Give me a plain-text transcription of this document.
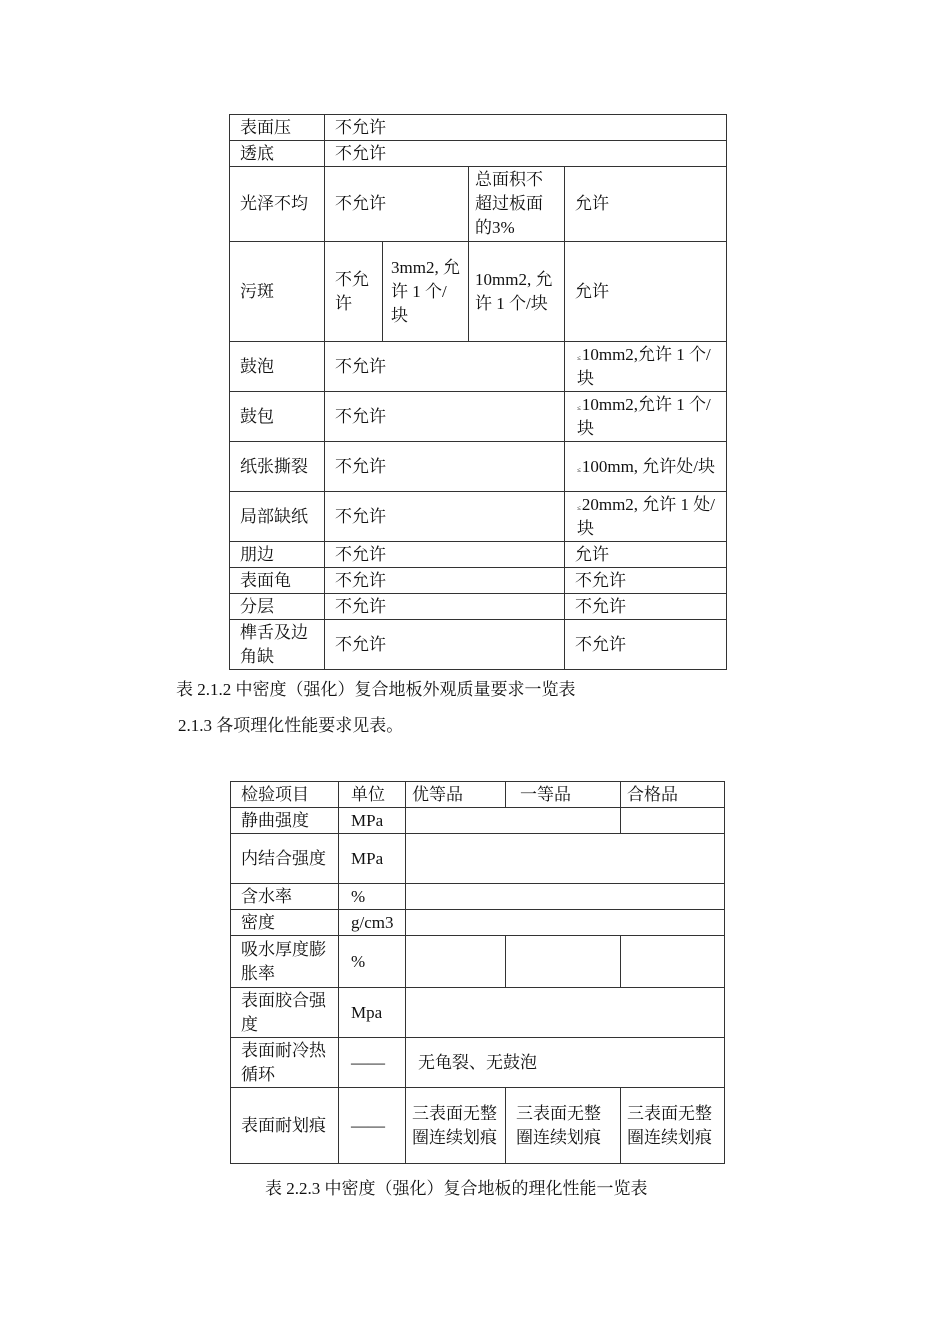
表面压	不允许			
透底	不允许			
光泽不均	不允许		总面积不超过板面的3%	允许
污斑	不允许	3mm2, 允许 1 个/块	10mm2, 允许 1 个/块	允许
鼓泡	不允许			≤10mm2,允许 1 个/块
鼓包	不允许			≤10mm2,允许 1 个/块
纸张撕裂	不允许			≤100mm, 允许处/块
局部缺纸	不允许			≤20mm2, 允许 1 处/块
朋边	不允许			允许
表面龟	不允许			不允许
分层	不允许			不允许
榫舌及边角缺	不允许			不允许
表 2.1.2 中密度（强化）复合地板外观质量要求一览表
2.1.3 各项理化性能要求见表。
检验项目	单位	优等品	一等品	合格品
静曲强度	MPa			
内结合强度	MPa			
含水率	%			
密度	g/cm3			
吸水厚度膨胀率	%			
表面胶合强度	Mpa			
表面耐冷热循环	——	无龟裂、无鼓泡		
表面耐划痕	——	三表面无整圈连续划痕	三表面无整圈连续划痕	三表面无整圈连续划痕
表 2.2.3 中密度（强化）复合地板的理化性能一览表
